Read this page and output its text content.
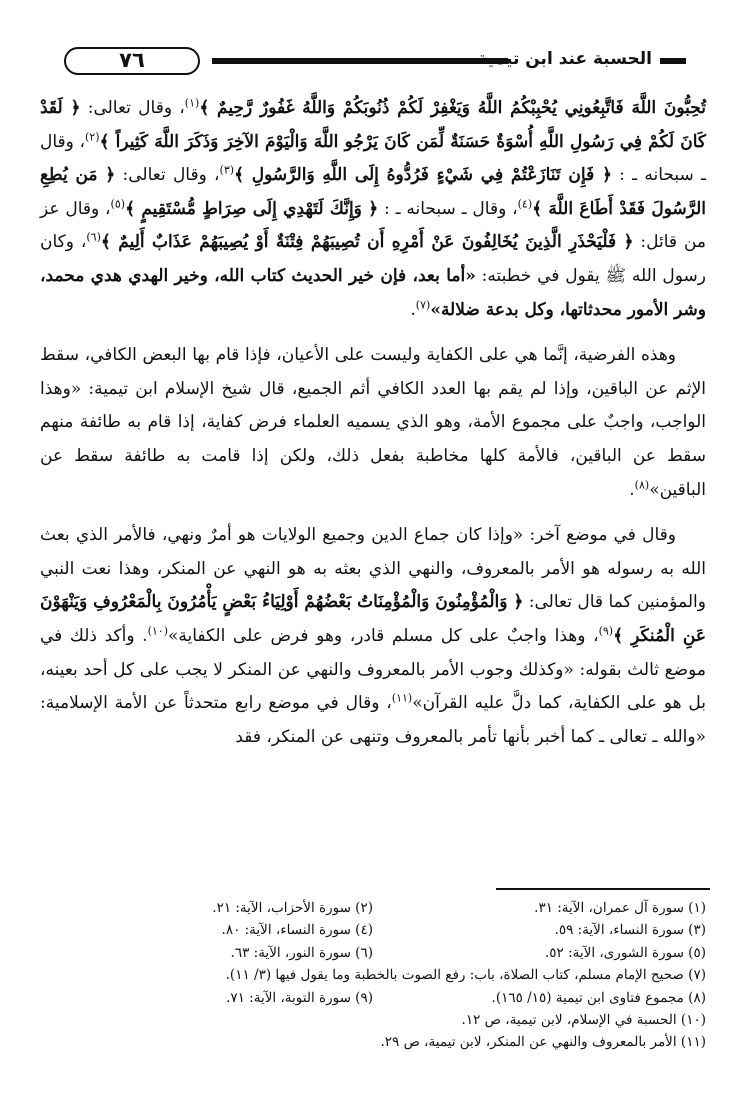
٧٦	الحسبة عند ابن تيمية

تُحِبُّونَ اللَّهَ فَاتَّبِعُونِي يُحْبِبْكُمُ اللَّهُ وَيَغْفِرْ لَكُمْ ذُنُوبَكُمْ وَاللَّهُ غَفُورٌ رَّحِيمٌ ﴾$^{(١)}$، وقال تعالى: ﴿ لَقَدْ كَانَ لَكُمْ فِي رَسُولِ اللَّهِ أُسْوَةٌ حَسَنَةٌ لِّمَن كَانَ يَرْجُو اللَّهَ وَالْيَوْمَ الآخِرَ وَذَكَرَ اللَّهَ كَثِيراً ﴾$^{(٢)}$، وقال ـ سبحانه ـ : ﴿ فَإِن تَنَازَعْتُمْ فِي شَيْءٍ فَرُدُّوهُ إِلَى اللَّهِ وَالرَّسُولِ ﴾$^{(٣)}$، وقال تعالى: ﴿ مَن يُطِعِ الرَّسُولَ فَقَدْ أَطَاعَ اللَّهَ ﴾$^{(٤)}$، وقال ـ سبحانه ـ : ﴿ وَإِنَّكَ لَتَهْدِي إِلَى صِرَاطٍ مُّسْتَقِيمٍ ﴾$^{(٥)}$، وقال عز من قائل: ﴿ فَلْيَحْذَرِ الَّذِينَ يُخَالِفُونَ عَنْ أَمْرِهِ أَن تُصِيبَهُمْ فِتْنَةٌ أَوْ يُصِيبَهُمْ عَذَابٌ أَلِيمٌ ﴾$^{(٦)}$، وكان رسول الله ﷺ يقول في خطبته: «أما بعد، فإن خير الحديث كتاب الله، وخير الهدي هدي محمد، وشر الأمور محدثاتها، وكل بدعة ضلالة»$^{(٧)}$.

وهذه الفرضية، إنَّما هي على الكفاية وليست على الأعيان، فإذا قام بها البعض الكافي، سقط الإثم عن الباقين، وإذا لم يقم بها العدد الكافي أثم الجميع، قال شيخ الإسلام ابن تيمية: «وهذا الواجب، واجبٌ على مجموع الأمة، وهو الذي يسميه العلماء فرض كفاية، إذا قام به طائفة منهم سقط عن الباقين، فالأمة كلها مخاطبة بفعل ذلك، ولكن إذا قامت به طائفة سقط عن الباقين»$^{(٨)}$.

وقال في موضع آخر: «وإذا كان جماع الدين وجميع الولايات هو أمرٌ ونهي، فالأمر الذي بعث الله به رسوله هو الأمر بالمعروف، والنهي الذي بعثه به هو النهي عن المنكر، وهذا نعت النبي والمؤمنين كما قال تعالى: ﴿ وَالْمُؤْمِنُونَ وَالْمُؤْمِنَاتُ بَعْضُهُمْ أَوْلِيَاءُ بَعْضٍ يَأْمُرُونَ بِالْمَعْرُوفِ وَيَنْهَوْنَ عَنِ الْمُنكَرِ ﴾$^{(٩)}$، وهذا واجبٌ على كل مسلم قادر، وهو فرض على الكفاية»$^{(١٠)}$. وأكد ذلك في موضع ثالث بقوله: «وكذلك وجوب الأمر بالمعروف والنهي عن المنكر لا يجب على كل أحد بعينه، بل هو على الكفاية، كما دلَّ عليه القرآن»$^{(١١)}$، وقال في موضع رابع متحدثاً عن الأمة الإسلامية: «والله ـ تعالى ـ كما أخبر بأنها تأمر بالمعروف وتنهى عن المنكر، فقد

(١) سورة آل عمران، الآية: ٣١.
(٢) سورة الأحزاب، الآية: ٢١.
(٣) سورة النساء، الآية: ٥٩.
(٤) سورة النساء، الآية: ٨٠.
(٥) سورة الشورى، الآية: ٥٢.
(٦) سورة النور، الآية: ٦٣.
(٧) صحيح الإمام مسلم، كتاب الصلاة، باب: رفع الصوت بالخطبة وما يقول فيها (٣/ ١١).
(٨) مجموع فتاوى ابن تيمية (١٥/ ١٦٥).
(٩) سورة التوبة، الآية: ٧١.
(١٠) الحسبة في الإسلام، لابن تيمية، ص ١٢.
(١١) الأمر بالمعروف والنهي عن المنكر، لابن تيمية، ص ٢٩.
